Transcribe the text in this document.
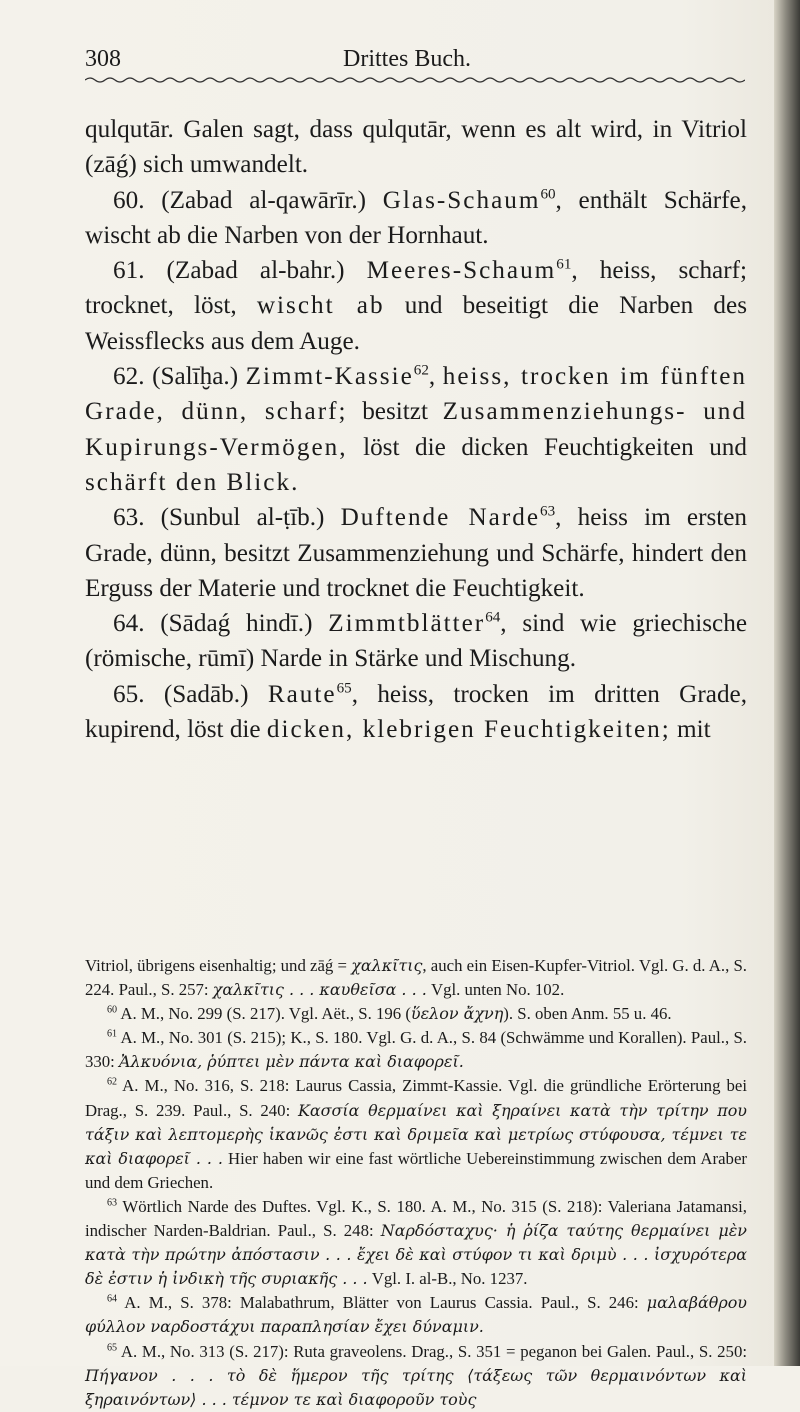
308	Drittes Buch.

qulqutār. Galen sagt, dass qulqutār, wenn es alt wird, in Vitriol (zāǵ) sich umwandelt.

60. (Zabad al-qawārīr.) Glas-Schaum$^{60}$, enthält Schärfe, wischt ab die Narben von der Hornhaut.

61. (Zabad al-bahr.) Meeres-Schaum$^{61}$, heiss, scharf; trocknet, löst, wischt ab und beseitigt die Narben des Weissflecks aus dem Auge.

62. (Salīḫa.) Zimmt-Kassie$^{62}$, heiss, trocken im fünften Grade, dünn, scharf; besitzt Zusammenziehungs- und Kupirungs-Vermögen, löst die dicken Feuchtigkeiten und schärft den Blick.

63. (Sunbul al-ṭīb.) Duftende Narde$^{63}$, heiss im ersten Grade, dünn, besitzt Zusammenziehung und Schärfe, hindert den Erguss der Materie und trocknet die Feuchtigkeit.

64. (Sādaǵ hindī.) Zimmtblätter$^{64}$, sind wie griechische (römische, rūmī) Narde in Stärke und Mischung.

65. (Sadāb.) Raute$^{65}$, heiss, trocken im dritten Grade, kupirend, löst die dicken, klebrigen Feuchtigkeiten; mit

Vitriol, übrigens eisenhaltig; und zāǵ = χαλκῖτις, auch ein Eisen-Kupfer-Vitriol. Vgl. G. d. A., S. 224. Paul., S. 257: χαλκῖτις . . . καυθεῖσα . . . Vgl. unten No. 102.

$^{60}$ A. M., No. 299 (S. 217). Vgl. Aët., S. 196 (ὕελον ἄχνη). S. oben Anm. 55 u. 46.

$^{61}$ A. M., No. 301 (S. 215); K., S. 180. Vgl. G. d. A., S. 84 (Schwämme und Korallen). Paul., S. 330: Ἀλκυόνια, ῥύπτει μὲν πάντα καὶ διαφορεῖ.

$^{62}$ A. M., No. 316, S. 218: Laurus Cassia, Zimmt-Kassie. Vgl. die gründliche Erörterung bei Drag., S. 239. Paul., S. 240: Κασσία θερμαίνει καὶ ξηραίνει κατὰ τὴν τρίτην που τάξιν καὶ λεπτομερὴς ἱκανῶς ἐστι καὶ δριμεῖα καὶ μετρίως στύφουσα, τέμνει τε καὶ διαφορεῖ . . . Hier haben wir eine fast wörtliche Uebereinstimmung zwischen dem Araber und dem Griechen.

$^{63}$ Wörtlich Narde des Duftes. Vgl. K., S. 180. A. M., No. 315 (S. 218): Valeriana Jatamansi, indischer Narden-Baldrian. Paul., S. 248: Ναρδόσταχυς· ἡ ῥίζα ταύτης θερμαίνει μὲν κατὰ τὴν πρώτην ἀπόστασιν . . . ἔχει δὲ καὶ στύφον τι καὶ δριμὺ . . . ἰσχυρότερα δὲ ἐστιν ἡ ἰνδικὴ τῆς συριακῆς . . . Vgl. I. al-B., No. 1237.

$^{64}$ A. M., S. 378: Malabathrum, Blätter von Laurus Cassia. Paul., S. 246: μαλαβάθρου φύλλον ναρδοστάχυι παραπλησίαν ἔχει δύναμιν.

$^{65}$ A. M., No. 313 (S. 217): Ruta graveolens. Drag., S. 351 = peganon bei Galen. Paul., S. 250: Πήγανον . . . τὸ δὲ ἥμερον τῆς τρίτης ⟨τάξεως τῶν θερμαινόντων καὶ ξηραινόντων⟩ . . . τέμνον τε καὶ διαφοροῦν τοὺς
